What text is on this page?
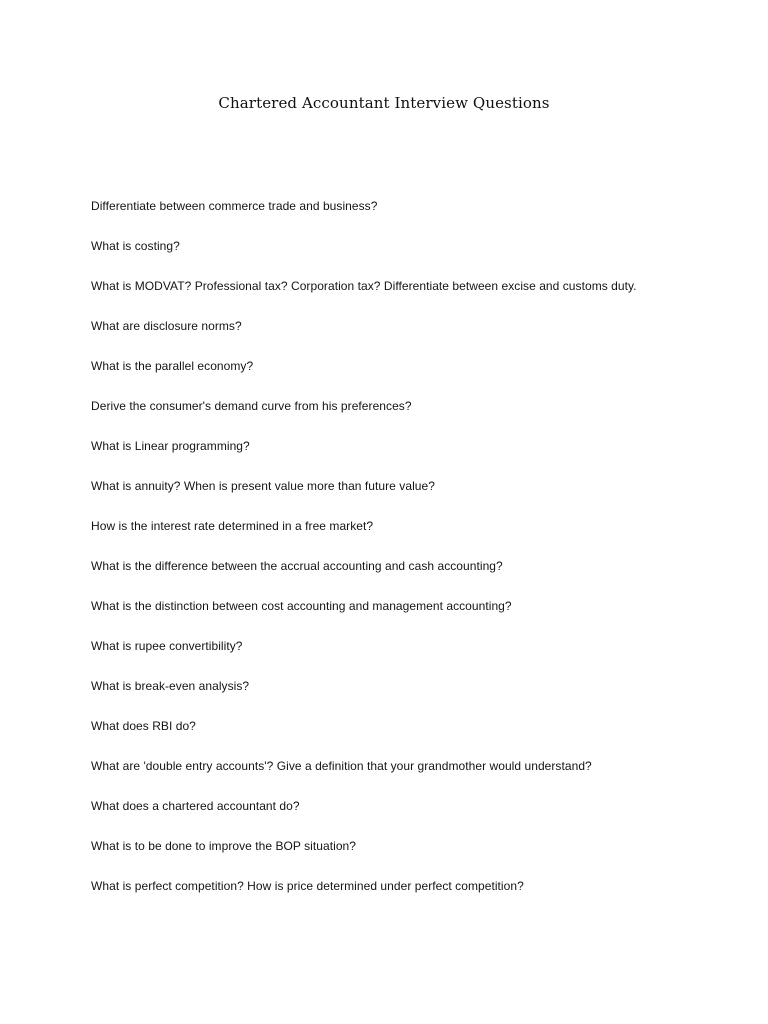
Chartered Accountant Interview Questions
Differentiate between commerce trade and business?
What is costing?
What is MODVAT? Professional tax? Corporation tax? Differentiate between excise and customs duty.
What are disclosure norms?
What is the parallel economy?
Derive the consumer's demand curve from his preferences?
What is Linear programming?
What is annuity? When is present value more than future value?
How is the interest rate determined in a free market?
What is the difference between the accrual accounting and cash accounting?
What is the distinction between cost accounting and management accounting?
What is rupee convertibility?
What is break-even analysis?
What does RBI do?
What are 'double entry accounts'? Give a definition that your grandmother would understand?
What does a chartered accountant do?
What is to be done to improve the BOP situation?
What is perfect competition? How is price determined under perfect competition?
